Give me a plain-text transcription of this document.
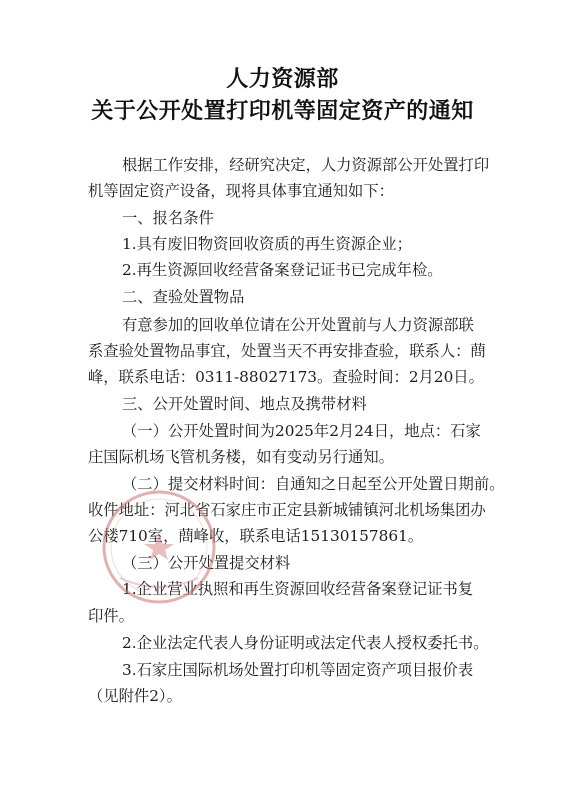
人力资源部
关于公开处置打印机等固定资产的通知
根据工作安排，经研究决定，人力资源部公开处置打印
机等固定资产设备，现将具体事宜通知如下：
一、报名条件
1.具有废旧物资回收资质的再生资源企业；
2.再生资源回收经营备案登记证书已完成年检。
二、查验处置物品
有意参加的回收单位请在公开处置前与人力资源部联
系查验处置物品事宜，处置当天不再安排查验，联系人：蔄
峰，联系电话：0311-88027173。查验时间：2月20日。
三、公开处置时间、地点及携带材料
（一）公开处置时间为2025年2月24日，地点：石家
庄国际机场飞管机务楼，如有变动另行通知。
（二）提交材料时间：自通知之日起至公开处置日期前。
收件地址：河北省石家庄市正定县新城铺镇河北机场集团办
公楼710室，蔄峰收，联系电话15130157861。
（三）公开处置提交材料
1.企业营业执照和再生资源回收经营备案登记证书复
印件。
2.企业法定代表人身份证明或法定代表人授权委托书。
3.石家庄国际机场处置打印机等固定资产项目报价表
（见附件2）。
